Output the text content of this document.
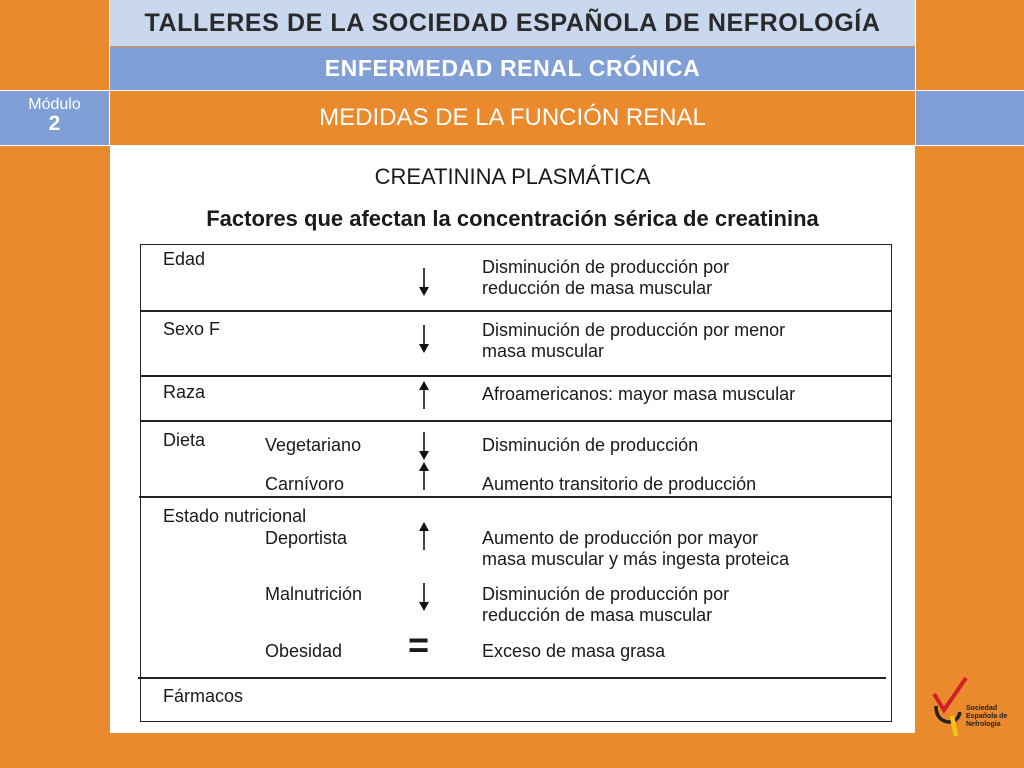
TALLERES DE LA SOCIEDAD ESPAÑOLA DE NEFROLOGÍA
ENFERMEDAD RENAL CRÓNICA
MEDIDAS DE LA FUNCIÓN RENAL
Módulo
2
CREATININA PLASMÁTICA
Factores que afectan la concentración sérica de creatinina
Edad	Disminución de producción por
reducción de masa muscular
Sexo F	Disminución de producción por menor
masa muscular
Raza	Afroamericanos: mayor masa muscular
Dieta	Vegetariano	Disminución de producción
Carnívoro	Aumento transitorio de producción
Estado nutricional
Deportista	Aumento de producción por mayor
masa muscular y más ingesta proteica
Malnutrición	Disminución de producción por
reducción de masa muscular
Obesidad =	Exceso de masa grasa
Fármacos
Sociedad
Española de
Nefrología
